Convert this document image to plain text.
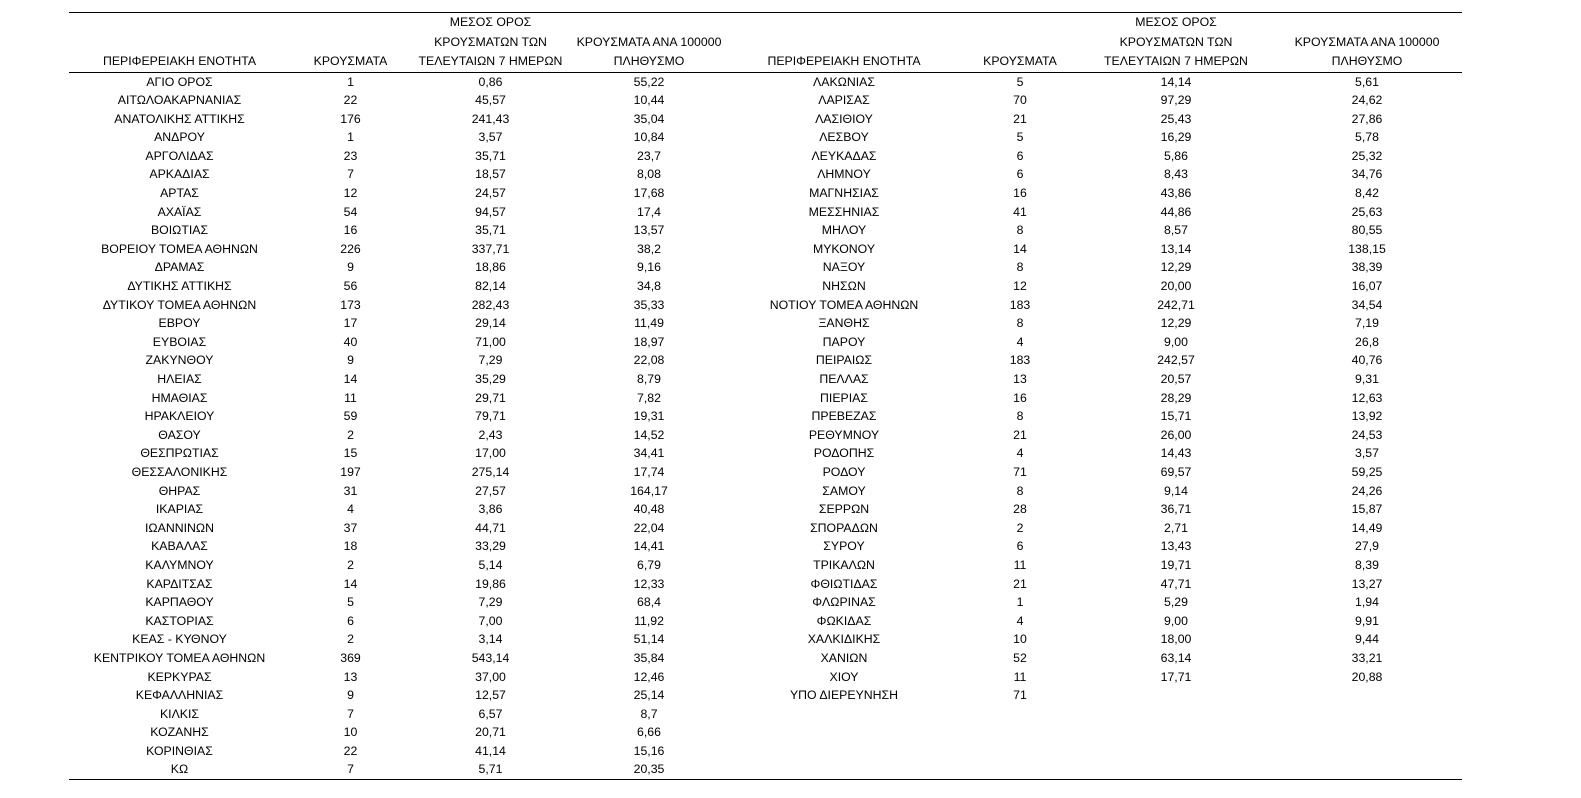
ΠΕΡΙΦΕΡΕΙΑΚΗ ΕΝΟΤΗΤΑ	ΚΡΟΥΣΜΑΤΑ	ΜΕΣΟΣ ΟΡΟΣ
ΚΡΟΥΣΜΑΤΩΝ ΤΩΝ
ΤΕΛΕΥΤΑΙΩΝ 7 ΗΜΕΡΩΝ	ΚΡΟΥΣΜΑΤΑ ΑΝΑ 100000
ΠΛΗΘΥΣΜΟ	ΠΕΡΙΦΕΡΕΙΑΚΗ ΕΝΟΤΗΤΑ	ΚΡΟΥΣΜΑΤΑ	ΜΕΣΟΣ ΟΡΟΣ
ΚΡΟΥΣΜΑΤΩΝ ΤΩΝ
ΤΕΛΕΥΤΑΙΩΝ 7 ΗΜΕΡΩΝ	ΚΡΟΥΣΜΑΤΑ ΑΝΑ 100000
ΠΛΗΘΥΣΜΟ

ΑΓΙΟ ΟΡΟΣ	1	0,86	55,22	ΛΑΚΩΝΙΑΣ	5	14,14	5,61
ΑΙΤΩΛΟΑΚΑΡΝΑΝΙΑΣ	22	45,57	10,44	ΛΑΡΙΣΑΣ	70	97,29	24,62
ΑΝΑΤΟΛΙΚΗΣ ΑΤΤΙΚΗΣ	176	241,43	35,04	ΛΑΣΙΘΙΟΥ	21	25,43	27,86
ΑΝΔΡΟΥ	1	3,57	10,84	ΛΕΣΒΟΥ	5	16,29	5,78
ΑΡΓΟΛΙΔΑΣ	23	35,71	23,7	ΛΕΥΚΑΔΑΣ	6	5,86	25,32
ΑΡΚΑΔΙΑΣ	7	18,57	8,08	ΛΗΜΝΟΥ	6	8,43	34,76
ΑΡΤΑΣ	12	24,57	17,68	ΜΑΓΝΗΣΙΑΣ	16	43,86	8,42
ΑΧΑΪΑΣ	54	94,57	17,4	ΜΕΣΣΗΝΙΑΣ	41	44,86	25,63
ΒΟΙΩΤΙΑΣ	16	35,71	13,57	ΜΗΛΟΥ	8	8,57	80,55
ΒΟΡΕΙΟΥ ΤΟΜΕΑ ΑΘΗΝΩΝ	226	337,71	38,2	ΜΥΚΟΝΟΥ	14	13,14	138,15
ΔΡΑΜΑΣ	9	18,86	9,16	ΝΑΞΟΥ	8	12,29	38,39
ΔΥΤΙΚΗΣ ΑΤΤΙΚΗΣ	56	82,14	34,8	ΝΗΣΩΝ	12	20,00	16,07
ΔΥΤΙΚΟΥ ΤΟΜΕΑ ΑΘΗΝΩΝ	173	282,43	35,33	ΝΟΤΙΟΥ ΤΟΜΕΑ ΑΘΗΝΩΝ	183	242,71	34,54
ΕΒΡΟΥ	17	29,14	11,49	ΞΑΝΘΗΣ	8	12,29	7,19
ΕΥΒΟΙΑΣ	40	71,00	18,97	ΠΑΡΟΥ	4	9,00	26,8
ΖΑΚΥΝΘΟΥ	9	7,29	22,08	ΠΕΙΡΑΙΩΣ	183	242,57	40,76
ΗΛΕΙΑΣ	14	35,29	8,79	ΠΕΛΛΑΣ	13	20,57	9,31
ΗΜΑΘΙΑΣ	11	29,71	7,82	ΠΙΕΡΙΑΣ	16	28,29	12,63
ΗΡΑΚΛΕΙΟΥ	59	79,71	19,31	ΠΡΕΒΕΖΑΣ	8	15,71	13,92
ΘΑΣΟΥ	2	2,43	14,52	ΡΕΘΥΜΝΟΥ	21	26,00	24,53
ΘΕΣΠΡΩΤΙΑΣ	15	17,00	34,41	ΡΟΔΟΠΗΣ	4	14,43	3,57
ΘΕΣΣΑΛΟΝΙΚΗΣ	197	275,14	17,74	ΡΟΔΟΥ	71	69,57	59,25
ΘΗΡΑΣ	31	27,57	164,17	ΣΑΜΟΥ	8	9,14	24,26
ΙΚΑΡΙΑΣ	4	3,86	40,48	ΣΕΡΡΩΝ	28	36,71	15,87
ΙΩΑΝΝΙΝΩΝ	37	44,71	22,04	ΣΠΟΡΑΔΩΝ	2	2,71	14,49
ΚΑΒΑΛΑΣ	18	33,29	14,41	ΣΥΡΟΥ	6	13,43	27,9
ΚΑΛΥΜΝΟΥ	2	5,14	6,79	ΤΡΙΚΑΛΩΝ	11	19,71	8,39
ΚΑΡΔΙΤΣΑΣ	14	19,86	12,33	ΦΘΙΩΤΙΔΑΣ	21	47,71	13,27
ΚΑΡΠΑΘΟΥ	5	7,29	68,4	ΦΛΩΡΙΝΑΣ	1	5,29	1,94
ΚΑΣΤΟΡΙΑΣ	6	7,00	11,92	ΦΩΚΙΔΑΣ	4	9,00	9,91
ΚΕΑΣ - ΚΥΘΝΟΥ	2	3,14	51,14	ΧΑΛΚΙΔΙΚΗΣ	10	18,00	9,44
ΚΕΝΤΡΙΚΟΥ ΤΟΜΕΑ ΑΘΗΝΩΝ	369	543,14	35,84	ΧΑΝΙΩΝ	52	63,14	33,21
ΚΕΡΚΥΡΑΣ	13	37,00	12,46	ΧΙΟΥ	11	17,71	20,88
ΚΕΦΑΛΛΗΝΙΑΣ	9	12,57	25,14	ΥΠΟ ΔΙΕΡΕΥΝΗΣΗ	71		
ΚΙΛΚΙΣ	7	6,57	8,7				
ΚΟΖΑΝΗΣ	10	20,71	6,66				
ΚΟΡΙΝΘΙΑΣ	22	41,14	15,16				
ΚΩ	7	5,71	20,35				
